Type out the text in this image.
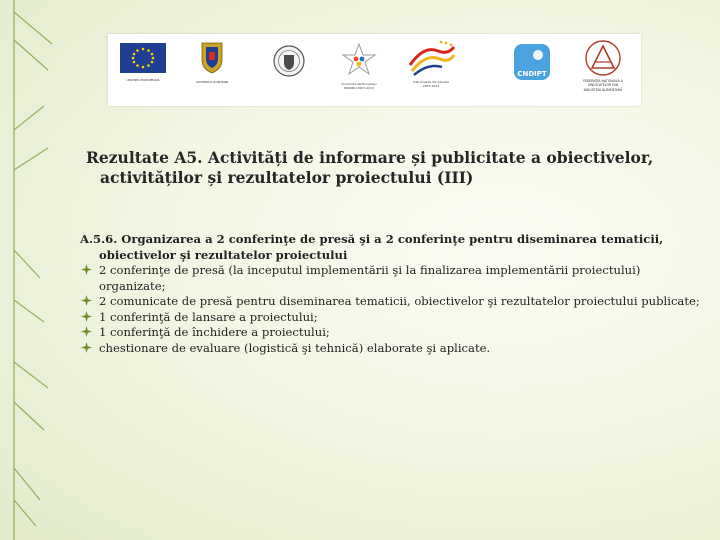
UNIUNEA EUROPEANĂ	GUVERNUL ROMÂNIEI	Fondul Social European
POSDRU 2007-2013
Instrumente Structurale
2007-2013
CNDIPT
FEDERAŢIA NAŢIONALĂ A
SINDICATELOR DIN
INDUSTRIA ALIMENTARĂ
Rezultate A5. Activități de informare și publicitate a obiectivelor,
activităților și rezultatelor proiectului (III)
A.5.6. Organizarea a 2 conferinţe de presă şi a 2 conferinţe pentru diseminarea tematicii,
obiectivelor şi rezultatelor proiectului
2 conferinţe de presă (la inceputul implementării şi la finalizarea implementării proiectului) organizate;
2 comunicate de presă pentru diseminarea tematicii, obiectivelor şi rezultatelor proiectului publicate;
1 conferinţă de lansare a proiectului;
1 conferinţă de închidere a proiectului;
chestionare de evaluare (logistică şi tehnică) elaborate şi aplicate.
